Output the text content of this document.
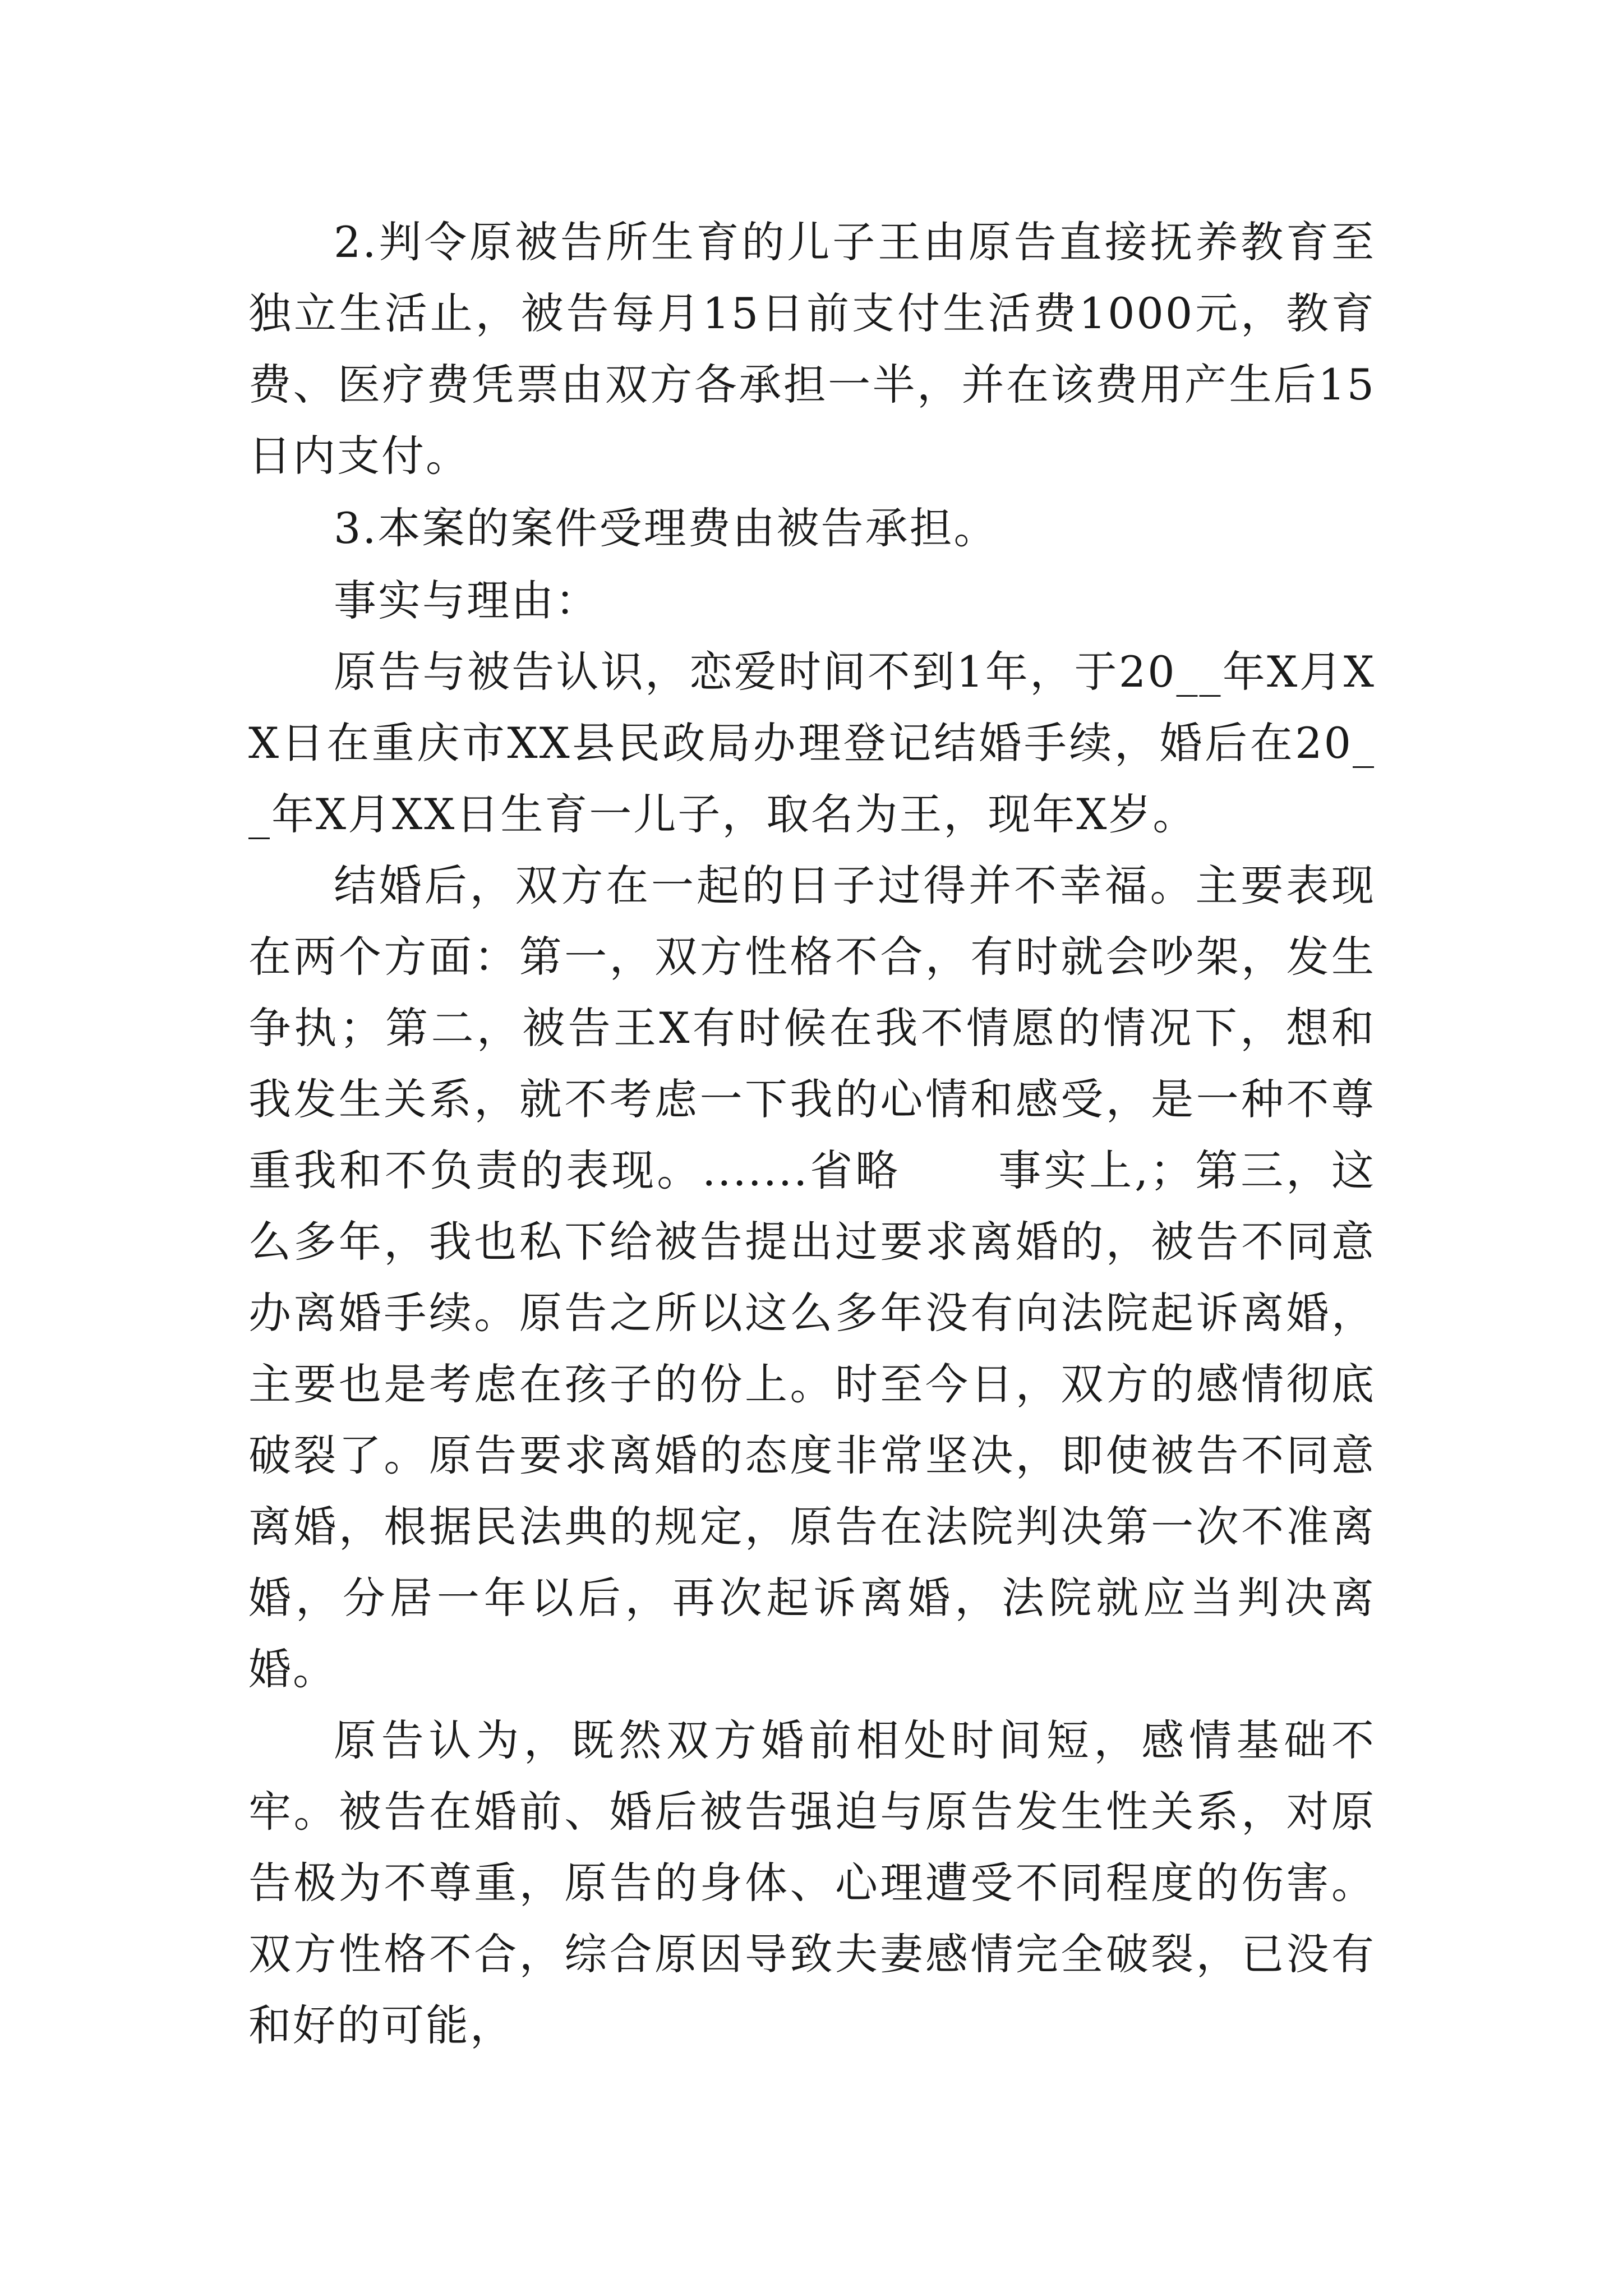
2.判令原被告所生育的儿子王由原告直接抚养教育至独立生活止，被告每月15日前支付生活费1000元，教育费、医疗费凭票由双方各承担一半，并在该费用产生后15日内支付。

3.本案的案件受理费由被告承担。

事实与理由：

原告与被告认识，恋爱时间不到1年，于20__年X月XX日在重庆市XX县民政局办理登记结婚手续，婚后在20__年X月XX日生育一儿子，取名为王，现年X岁。

结婚后，双方在一起的日子过得并不幸福。主要表现在两个方面：第一，双方性格不合，有时就会吵架，发生争执；第二，被告王X有时候在我不情愿的情况下，想和我发生关系，就不考虑一下我的心情和感受，是一种不尊重我和不负责的表现。.......省略      事实上,；第三，这么多年，我也私下给被告提出过要求离婚的，被告不同意办离婚手续。原告之所以这么多年没有向法院起诉离婚，主要也是考虑在孩子的份上。时至今日，双方的感情彻底破裂了。原告要求离婚的态度非常坚决，即使被告不同意离婚，根据民法典的规定，原告在法院判决第一次不准离婚，分居一年以后，再次起诉离婚，法院就应当判决离婚。

原告认为，既然双方婚前相处时间短，感情基础不牢。被告在婚前、婚后被告强迫与原告发生性关系，对原告极为不尊重，原告的身体、心理遭受不同程度的伤害。双方性格不合，综合原因导致夫妻感情完全破裂，已没有和好的可能，
